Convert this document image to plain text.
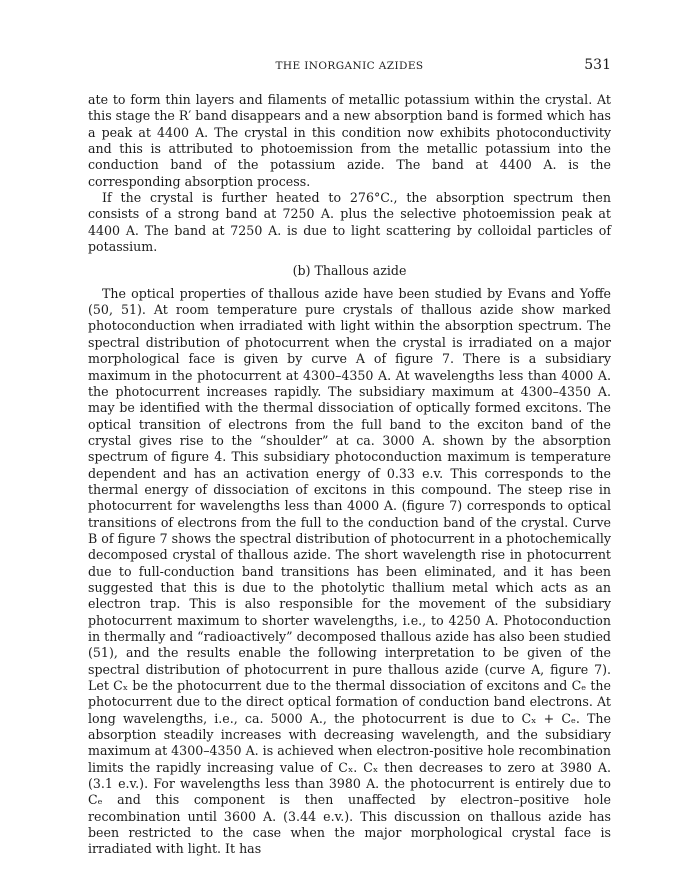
THE INORGANIC AZIDES	531

ate to form thin layers and filaments of metallic potassium within the crystal. At this stage the R′ band disappears and a new absorption band is formed which has a peak at 4400 A. The crystal in this condition now exhibits photoconductivity and this is attributed to photoemission from the metallic potassium into the conduction band of the potassium azide. The band at 4400 A. is the corresponding absorption process.

If the crystal is further heated to 276°C., the absorption spectrum then consists of a strong band at 7250 A. plus the selective photoemission peak at 4400 A. The band at 7250 A. is due to light scattering by colloidal particles of potassium.

(b) Thallous azide

The optical properties of thallous azide have been studied by Evans and Yoffe (50, 51). At room temperature pure crystals of thallous azide show marked photoconduction when irradiated with light within the absorption spectrum. The spectral distribution of photocurrent when the crystal is irradiated on a major morphological face is given by curve A of figure 7. There is a subsidiary maximum in the photocurrent at 4300–4350 A. At wavelengths less than 4000 A. the photocurrent increases rapidly. The subsidiary maximum at 4300–4350 A. may be identified with the thermal dissociation of optically formed excitons. The optical transition of electrons from the full band to the exciton band of the crystal gives rise to the “shoulder” at ca. 3000 A. shown by the absorption spectrum of figure 4. This subsidiary photoconduction maximum is temperature dependent and has an activation energy of 0.33 e.v. This corresponds to the thermal energy of dissociation of excitons in this compound. The steep rise in photocurrent for wavelengths less than 4000 A. (figure 7) corresponds to optical transitions of electrons from the full to the conduction band of the crystal. Curve B of figure 7 shows the spectral distribution of photocurrent in a photochemically decomposed crystal of thallous azide. The short wavelength rise in photocurrent due to full-conduction band transitions has been eliminated, and it has been suggested that this is due to the photolytic thallium metal which acts as an electron trap. This is also responsible for the movement of the subsidiary photocurrent maximum to shorter wavelengths, i.e., to 4250 A. Photoconduction in thermally and “radioactively” decomposed thallous azide has also been studied (51), and the results enable the following interpretation to be given of the spectral distribution of photocurrent in pure thallous azide (curve A, figure 7). Let Cₓ be the photocurrent due to the thermal dissociation of excitons and Cₑ the photocurrent due to the direct optical formation of conduction band electrons. At long wavelengths, i.e., ca. 5000 A., the photocurrent is due to Cₓ + Cₑ. The absorption steadily increases with decreasing wavelength, and the subsidiary maximum at 4300–4350 A. is achieved when electron-positive hole recombination limits the rapidly increasing value of Cₓ. Cₓ then decreases to zero at 3980 A. (3.1 e.v.). For wavelengths less than 3980 A. the photocurrent is entirely due to Cₑ and this component is then unaffected by electron–positive hole recombination until 3600 A. (3.44 e.v.). This discussion on thallous azide has been restricted to the case when the major morphological crystal face is irradiated with light. It has
